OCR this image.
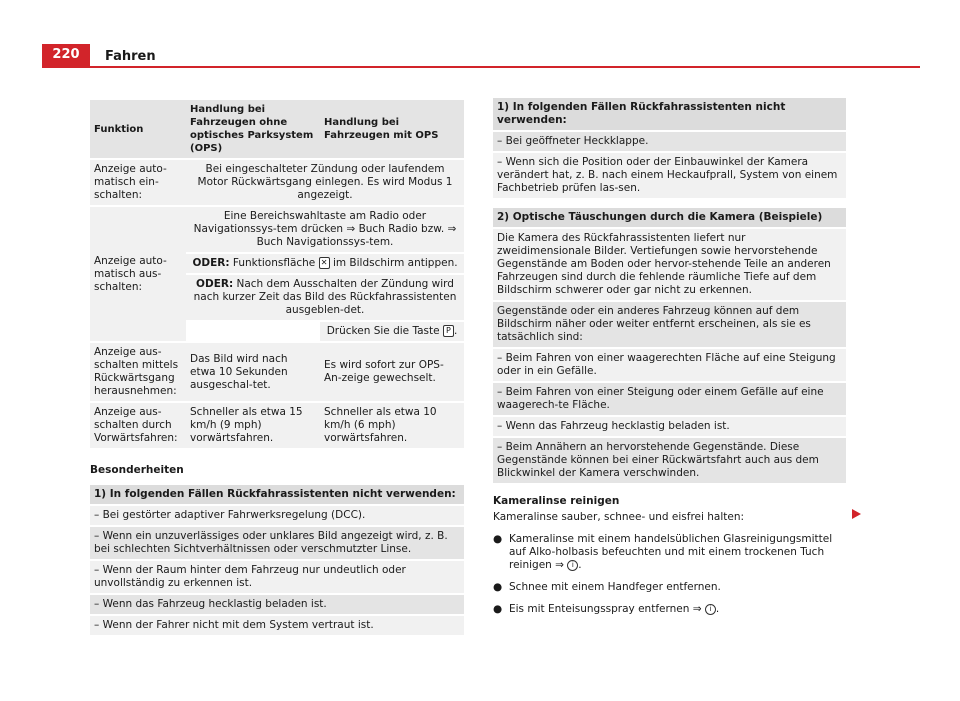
220	Fahren
Funktion	Handlung bei Fahrzeugen ohne optisches Parksystem (OPS)	Handlung bei Fahrzeugen mit OPS
Anzeige auto-matisch ein-schalten:	Bei eingeschalteter Zündung oder laufendem Motor Rückwärtsgang einlegen. Es wird Modus 1 angezeigt.	
Anzeige auto-matisch aus-schalten:	Eine Bereichswahltaste am Radio oder Navigationssys-tem drücken ⇒ Buch Radio bzw. ⇒ Buch Navigationssys-tem.	
	ODER: Funktionsfläche ✕ im Bildschirm antippen.	
	ODER: Nach dem Ausschalten der Zündung wird nach kurzer Zeit das Bild des Rückfahrassistenten ausgeblen-det.	
		Drücken Sie die Taste P .
Anzeige aus-schalten mittels Rückwärtsgang herausnehmen:	Das Bild wird nach etwa 10 Sekunden ausgeschal-tet.	Es wird sofort zur OPS-An-zeige gewechselt.
Anzeige aus-schalten durch Vorwärtsfahren:	Schneller als etwa 15 km/h (9 mph) vorwärtsfahren.	Schneller als etwa 10 km/h (6 mph) vorwärtsfahren.
Besonderheiten
1) In folgenden Fällen Rückfahrassistenten nicht verwenden:
– Bei gestörter adaptiver Fahrwerksregelung (DCC).
– Wenn ein unzuverlässiges oder unklares Bild angezeigt wird, z. B. bei schlechten Sichtverhältnissen oder verschmutzter Linse.
– Wenn der Raum hinter dem Fahrzeug nur undeutlich oder unvollständig zu erkennen ist.
– Wenn das Fahrzeug hecklastig beladen ist.
– Wenn der Fahrer nicht mit dem System vertraut ist.
1) In folgenden Fällen Rückfahrassistenten nicht verwenden:
– Bei geöffneter Heckklappe.
– Wenn sich die Position oder der Einbauwinkel der Kamera verändert hat, z. B. nach einem Heckaufprall, System von einem Fachbetrieb prüfen las-sen.
2) Optische Täuschungen durch die Kamera (Beispiele)
Die Kamera des Rückfahrassistenten liefert nur zweidimensionale Bilder. Vertiefungen sowie hervorstehende Gegenstände am Boden oder hervor-stehende Teile an anderen Fahrzeugen sind durch die fehlende räumliche Tiefe auf dem Bildschirm schwerer oder gar nicht zu erkennen.
Gegenstände oder ein anderes Fahrzeug können auf dem Bildschirm näher oder weiter entfernt erscheinen, als sie es tatsächlich sind:
– Beim Fahren von einer waagerechten Fläche auf eine Steigung oder in ein Gefälle.
– Beim Fahren von einer Steigung oder einem Gefälle auf eine waagerech-te Fläche.
– Wenn das Fahrzeug hecklastig beladen ist.
– Beim Annähern an hervorstehende Gegenstände. Diese Gegenstände können bei einer Rückwärtsfahrt auch aus dem Blickwinkel der Kamera verschwinden.
Kameralinse reinigen
Kameralinse sauber, schnee- und eisfrei halten:
● Kameralinse mit einem handelsüblichen Glasreinigungsmittel auf Alko-holbasis befeuchten und mit einem trockenen Tuch reinigen ⇒ i .
● Schnee mit einem Handfeger entfernen.
● Eis mit Enteisungsspray entfernen ⇒ i .
